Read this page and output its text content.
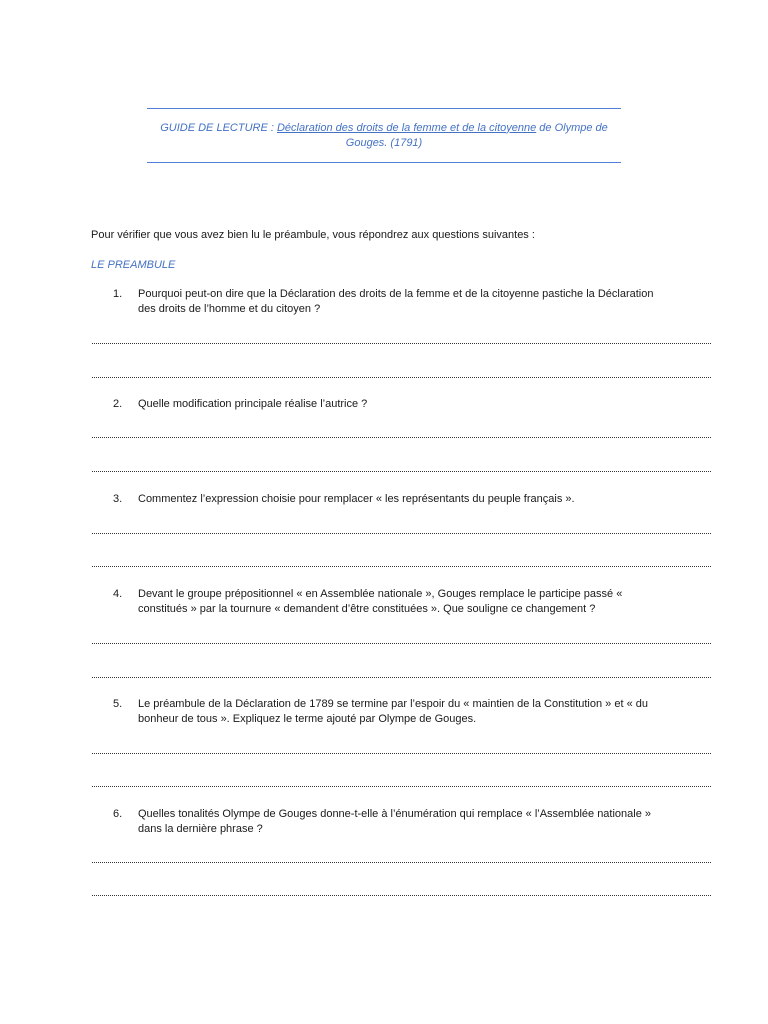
GUIDE DE LECTURE : Déclaration des droits de la femme et de la citoyenne de Olympe de Gouges. (1791)
Pour vérifier que vous avez bien lu le préambule, vous répondrez aux questions suivantes :
LE PREAMBULE
1.	Pourquoi peut-on dire que la Déclaration des droits de la femme et de la citoyenne pastiche la Déclaration des droits de l’homme et du citoyen ?
2.	Quelle modification principale réalise l’autrice ?
3.	Commentez l’expression choisie pour remplacer « les représentants du peuple français ».
4.	Devant le groupe prépositionnel « en Assemblée nationale », Gouges remplace le participe passé « constitués » par la tournure « demandent d’être constituées ». Que souligne ce changement ?
5.	Le préambule de la Déclaration de 1789 se termine par l’espoir du « maintien de la Constitution » et « du bonheur de tous ». Expliquez le terme ajouté par Olympe de Gouges.
6.	Quelles tonalités Olympe de Gouges donne-t-elle à l’énumération qui remplace « l’Assemblée nationale » dans la dernière phrase ?
